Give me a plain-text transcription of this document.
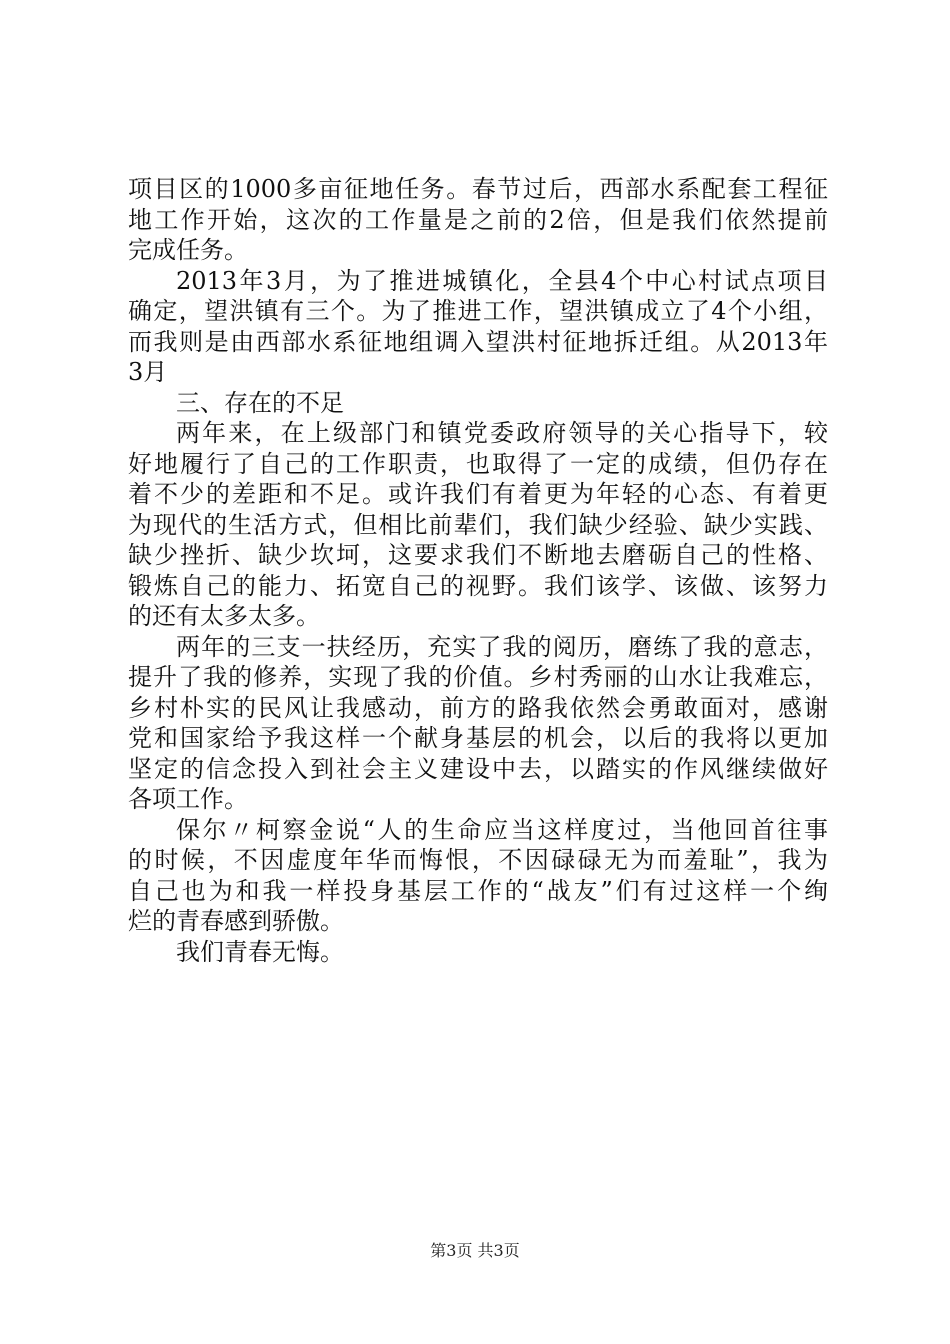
项目区的1000多亩征地任务。春节过后，西部水系配套工程征
地工作开始，这次的工作量是之前的2倍，但是我们依然提前
完成任务。
2013年3月，为了推进城镇化，全县4个中心村试点项目
确定，望洪镇有三个。为了推进工作，望洪镇成立了4个小组，
而我则是由西部水系征地组调入望洪村征地拆迁组。从2013年
3月
三、存在的不足
两年来，在上级部门和镇党委政府领导的关心指导下，较
好地履行了自己的工作职责，也取得了一定的成绩，但仍存在
着不少的差距和不足。或许我们有着更为年轻的心态、有着更
为现代的生活方式，但相比前辈们，我们缺少经验、缺少实践、
缺少挫折、缺少坎坷，这要求我们不断地去磨砺自己的性格、
锻炼自己的能力、拓宽自己的视野。我们该学、该做、该努力
的还有太多太多。
两年的三支一扶经历，充实了我的阅历，磨练了我的意志，
提升了我的修养，实现了我的价值。乡村秀丽的山水让我难忘，
乡村朴实的民风让我感动，前方的路我依然会勇敢面对，感谢
党和国家给予我这样一个献身基层的机会，以后的我将以更加
坚定的信念投入到社会主义建设中去，以踏实的作风继续做好
各项工作。
保尔〃柯察金说“人的生命应当这样度过，当他回首往事
的时候，不因虚度年华而悔恨，不因碌碌无为而羞耻”，我为
自己也为和我一样投身基层工作的“战友”们有过这样一个绚
烂的青春感到骄傲。
我们青春无悔。
第3页 共3页
